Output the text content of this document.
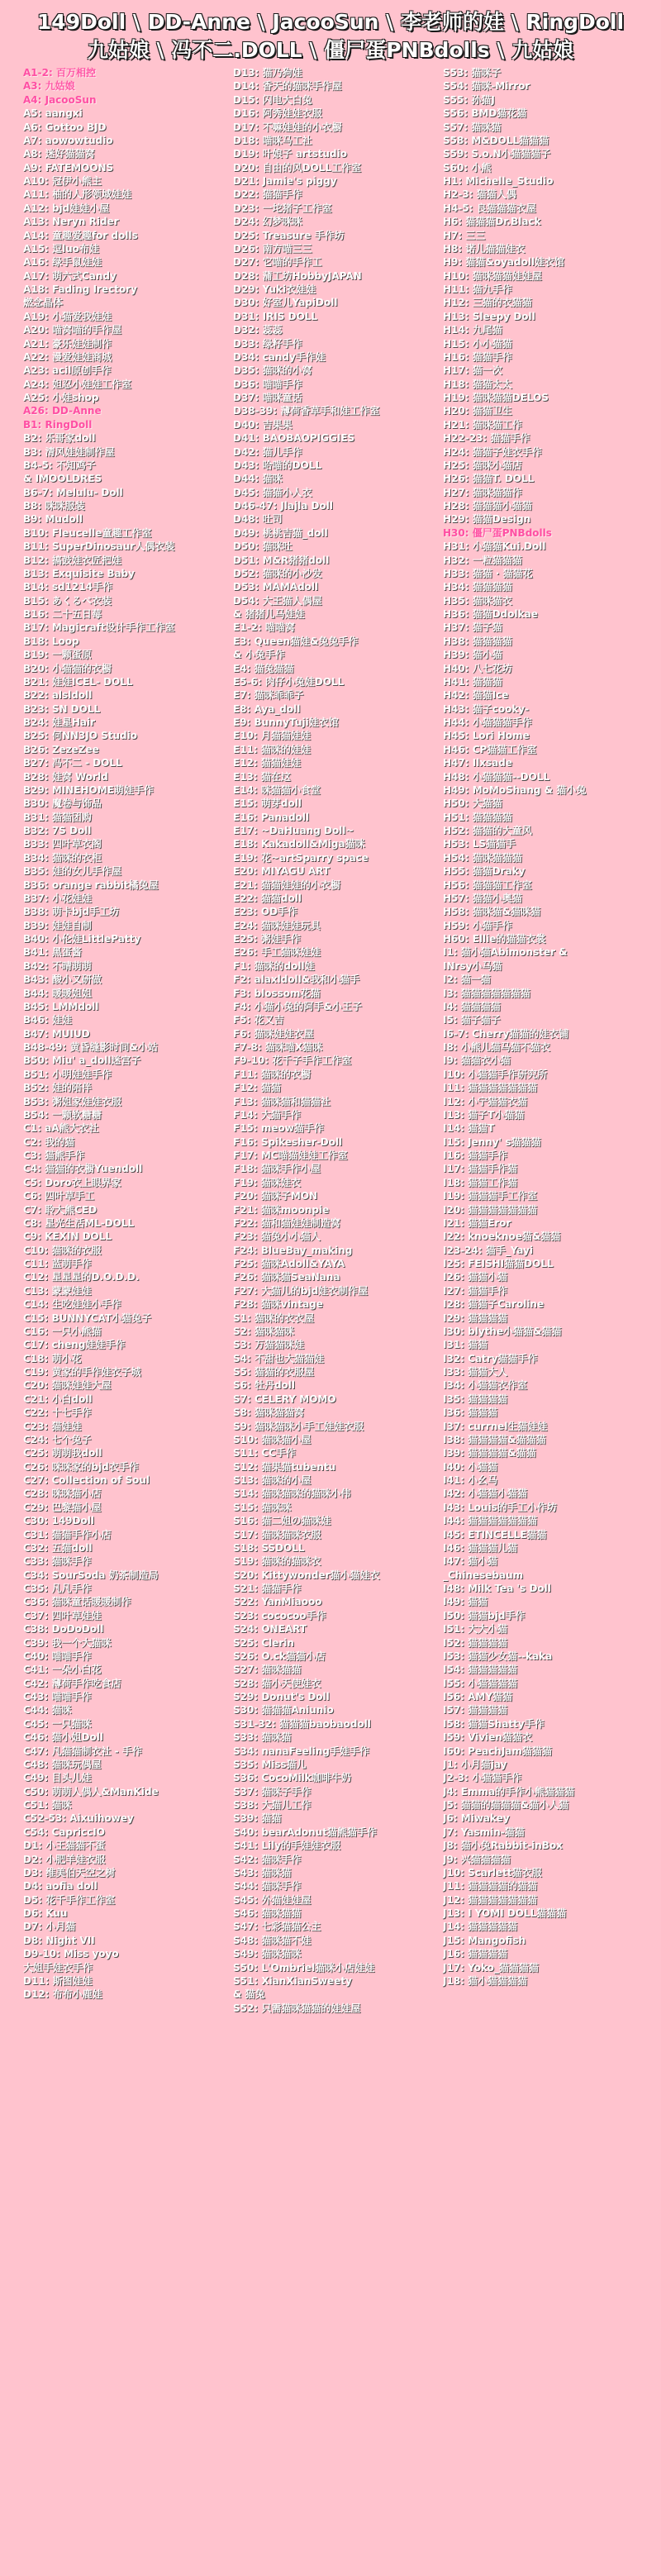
149Doll \ DD-Anne \ JacooSun \ 李老师的娃 \ RingDoll
九姑娘 \ 冯不二.DOLL \ 僵尸蛋PNBdolls \ 九姑娘
A1-2: 百万相控
A3: 九姑娘
A4: JacooSun
A5: aangxi
A6: Gottoo BJD
A7: aowowtudio
A8: 迷好猫猫窝
A9: FATEMOONS
A10: 冠伊小熊主
A11: 柚的人形领域娃娃
A12: bjd娃娃小屋
A13: Neryn Rider
A14: 童趣爱趣for dolls
A15: 逗luo布娃
A16: 绿手鼠娃娃
A17: 萌六式Candy
A18: Fading Irectory
燃念晶体
A19: 小猫爱我娃娃
A20: 喵窝喵的手作屋
A21: 豪乐娃娃制作
A22: 漫爱娃娃商城
A23: acil原创手作
A24: 妲忍小娃娃工作室
A25: 小娃shop
A26: DD-Anne
B1: RingDoll
B2: 乐哥家doll
B3: 清风娃娃制作屋
B4-5: 不知鸡子
& IMOOLDRES
B6-7: Melulu- Doll
B8: 咪咪服装
B9: Mudoll
B10: Fleucelle童趣工作室
B11: SuperDinosaur人偶衣装
B12: 搞鼓娃衣匠把娃
B13: Exquisite Baby
B14: sd1214手作
B15: あくるべ衣装
B16: 二十五日莓
B17: Magicraft设计手作工作室
B18: Loop
B19: 一颗蛋原
B20: 小猫猫的衣橱
B21: 娃娃ICEL- DOLL
B22: alsldoll
B23: SN DOLL
B24: 娃星Hair
B25: 何NN3JO Studio
B26: ZezeZee
B27: 冯不二 - DOLL
B28: 娃窝 World
B29: MINEHOME萌娃手作
B30: 魔卷与饰品
B31: 猫猫团购
B32: 7S Doll
B33: 四叶草衣阁
B34: 猫咪的衣柜
B35: 娃的女儿手作屋
B36: orange rabbit橘兔屋
B37: 小花娃娃
B38: 萌卡bjd手工坊
B39: 娃娃自制
B40: 小伦娃LittlePatty
B41: 黑蛋酱
B42: 不晴萌萌
B43: 酸小又研做
B44: 暖暖姐姐
B45: LMMdoll
B46: 娃娃
B47: MUIUD
B48-49: 黄昏缝影时间&小站
B50: Miu' a_doll迷宫子
B51: 小明娃娃手作
B52: 娃的陪伴
B53: 粥姐家娃娃衣服
B54: 一颗软糖糖
C1: aA熊大衣社
C2: 我的猫
C3: 猫熊手作
C4: 猫猫的衣橱Yuendoll
C5: Doro衣上眼界家
C6: 四叶草手工
C7: 聆大熊CED
C8: 星光生活ML-DOLL
C9: KEXIN DOLL
C10: 猫咪的衣服
C11: 蓝萌手作
C12: 星星星的D.O.D.D.
C13: 蒙蒙娃娃
C14: 生吃娃娃小手作
C15: BUNNYCAT小猫兔子
C16: 一只小熊猫
C17: cheng娃娃手作
C18: 萌小花
C19: 黄家的手作娃衣子城
C20: 猫咪娃娃大屋
C21: 小白doll
C22: 十七手作
C23: 猫娃娃
C24: 七个兔子
C25: 萌萌我doll
C26: 咪咪家的bjd衣手作
C27: Collection of Soul
C28: 咪咪猫小店
C29: 巴黎猫小屋
C30: 149Doll
C31: 猫猫手作小店
C32: 五猫doll
C33: 猫咪手作
C34: SourSoda 奶茶制造局
C35: 凡凡手作
C36: 猫咪童话暖暖制作
C37: 四叶草娃娃
C38: DoDoDoll
C39: 我一个大猫咪
C40: 喵喵手作
C41: 一朵小白花
C42: 薄荷手作吃食店
C43: 喵喵手作
C44: 猫咪
C45: 一只猫咪
C46: 猫小姐Doll
C47: 凡猫猫制衣社 - 手作
C48: 猫咪玩偶屋
C49: 目头儿娃
C50: 萌萌人偶人&ManKide
C51: 猫咪
C52-53: Aixuihowey
C54: CapriccIO
D1: 小王猫猫不蛋
D2: 小肥羊娃衣服
D3: 维美伯天空之树
D4: aofia doll
D5: 花千手作工作室
D6: Kuu
D7: 小月猫
D8: Night VII
D9-10: Miss yoyo
大姐手娃衣手作
D11: 斯图娃娃
D12: 布布小鹿娃
D13: 猫乃狗娃
D14: 香天的猫咪手作屋
D15: 闪电大白兔
D16: 阿秀娃娃衣服
D17: 不嘛娃娃的小衣橱
D18: 喵咪马工社
D19: 叶娘子 artstudio
D20: 自由的风DOLL工作室
D21: Jamie's piggy
D22: 猫猫手作
D23: 一坨猪子工作室
D24: 幻梦咪咪
D25: Treasure 手作坊
D26: 南方喵三三
D27: 它喵的手作工
D28: 蒲工坊HobbyJAPAN
D29: Yuki衣娃娃
D30: 好室儿YapiDoll
D31: IRIS DOLL
D32: 蕊蕊
D33: 绿籽手作
D34: candy手作娃
D35: 猫咪的小窝
D36: 喵喵手作
D37: 喵咪童话
D38-39: 薄荷香草手和娃工作室
D40: 吉果果
D41: BAOBAOPIGGIES
D42: 猫儿手作
D43: 哈喵的DOLL
D44: 猫咪
D45: 猫猫小人衣
D46-47: Jlajla Doll
D48: 吐司
D49: 桃桃吉猫_doll
D50: 猫咪吐
D51: M&R猪猪doll
D52: 猫咪的小沙发
D53: MAMAdoll
D54: 大王猫人偶屋
& 猪猪儿马娃娃
E1-2: 喵喵窝
E3: Queen猫娃&兔兔手作
& 小兔手作
E4: 猫兔猫猫
E5-6: 肉仔小兔娃DOLL
E7: 猫咪乖乖子
E8: Aya_doll
E9: BunnyTuji娃衣馆
E10: 月猫猫娃娃
E11: 猫咪的娃娃
E12: 猫猫娃娃
E13: 猫在这
E14: 咪猫猫小食堂
E15: 萌芽doll
E16: Panadoll
E17: ~DaHuang Doll~
E18: Kakadoll&Miga猫咪
E19: 花~artSparry space
E20: MIYAGU ART
E21: 猫猫娃娃的小衣橱
E22: 猫猫doll
E23: OD手作
E24: 猫咪娃娃玩具
E25: 粥娃手作
E26: 手工猫咪娃娃
F1: 猫咪的doll娃
F2: alaxldoll&我和小猫手
F3: blossom花猫
F4: 小猫小兔的阿手&小王子
F5: 花又吉
F6: 猫咪娃娃衣屋
F7-8: 猫咪喵X猫咪
F9-10: 花千子手作工作室
F11: 猫咪的衣橱
F12: 猫猫
F13: 猫咪猫和猫猫社
F14: 大猫手作
F15: meow猫手作
F16: Spikesher-Doll
F17: MC喵猫娃娃工作室
F18: 猫咪手作小屋
F19: 猫咪娃衣
F20: 猫咪子MON
F21: 猫咪moonpie
F22: 猫和猫娃娃制造窝
F23: 猫兔小小猫人
F24: BlueBay_making
F25: 猫咪Adoll&YAYA
F26: 猫咪猫SeaNana
F27: 大猫儿的bjd娃衣制作屋
F28: 猫咪vintage
S1: 猫咪的衣衣屋
S2: 猫咪猫咪
S3: 万猫猫咪娃
S4: 不甜也大猫猫娃
S5: 猫猫的衣服屋
S6: 牡丹doll
S7: CELERY MOMO
S8: 猫咪猫猫窝
S9: 猫咪猫咪小手工娃娃衣服
S10: 猫咪猫小屋
S11: CC手作
S12: 猫果猫tubentu
S13: 猫咪的小屋
S14: 猫咪猫咪的猫咪小伟
S15: 猫咪咪
S16: 猫二姐の猫咪娃
S17: 猫咪猫咪衣服
S18: SSDOLL
S19: 猫咪的猫咪衣
S20: Kittywonder猫小猫娃衣
S21: 猫猫手作
S22: YanMiaooo
S23: cococoo手作
S24: ONEART
S25: Clerin
S26: O.ck猫猫小店
S27: 猫咪猫猫
S28: 猫小天使娃衣
S29: Donut's Doll
S30: 猫猫猫Aniunio
S31-32: 猫猫猫baobaodoll
S33: 猫咪猫
S34: nanaFeeling手娃手作
S35: Miss猫儿
S36: CocoMilk咖啡牛奶
S37: 猫咪子手作
S38: 大猫儿工作
S39: 猫猫
S40: bearAdonut猫熊猫手作
S41: Lily的手娃娃衣服
S42: 猫咪手作
S43: 猫咪猫
S44: 猫咪手作
S45: 外猫娃娃屋
S46: 猫咪猫猫
S47: 七彩猫猫公主
S48: 猫咪猫不娃
S49: 猫咪猫咪
S50: L'Ombriel猫咪小店娃娃
S51: XianXianSweety
& 猫兔
S52: 只需猫咪猫猫的娃娃屋
S53: 猫咪子
S54: 猫咪-Mirror
S55: 孙猫J
S56: BMD猫花猫
S57: 猫咪猫
S58: M&DOLL猫猫猫
S59: S.o.N小猫猫猫子
S60: 小熊
H1: Michelle_Studio
H2-3: 猫猫人偶
H4-5: 良猫猫猫衣屋
H6: 猫猫猫Dr.Black
H7: 三三
H8: 诺儿猫猫娃衣
H9: 猫猫&oyadoll娃衣馆
H10: 猫咪猫猫娃娃屋
H11: 猫九手作
H12: 三猫的衣猫猫
H13: Sleepy Doll
H14: 九尾猫
H15: 小小猫猫
H16: 猫猫手作
H17: 猫一次
H18: 猫猫太太
H19: 猫咪猫猫DELOS
H20: 猫猫卫生
H21: 猫咪猫工作
H22-23: 猫猫手作
H24: 猫猫子娃衣手作
H25: 猫咪小猫店
H26: 猫猫T. DOLL
H27: 猫咪猫猫作
H28: 猫猫猫小猫猫
H29: 猫猫Design
H30: 僵尸蛋PNBdolls
H31: 小猫猫Kui.Doll
H32: 一粒猫猫猫
H33: 猫猫 · 猫猫花
H34: 猫猫猫猫
H35: 猫咪猫衣
H36: 猫猫Ddolkae
H37: 猫子猫
H38: 猫猫猫猫
H39: 猫小猫
H40: 八七花坊
H41: 猫猫猫
H42: 猫猫Ice
H43: 猫子cooky-
H44: 小猫猫猫手作
H45: Lori Home
H46: CP猫猫工作室
H47: Ilxsade
H48: 小猫猫猫--DOLL
H49: MoMoShang & 猫小兔
H50: 大猫猫
H51: 猫猫猫猫
H52: 猫猫的大童风
H53: LS猫猫手
H54: 猫咪猫猫猫
H55: 猫猫Draky
H56: 猫猫猫工作室
H57: 猫猫小奥猫
H58: 猫咪猫&猫咪猫
H59: 小猫手作
H60: Ellie的猫猫衣裳
I1: 猫小猫Abimonster &
INrsy小马猫
I2: 猫一猫
I3: 猫猫猫猫猫猫猫
I4: 猫猫猫猫
I5: 猫子猫子
I6-7: Cherry猫猫的娃衣铺
I8: 小熊儿猫马猫不猫衣
I9: 猫猫衣小猫
I10: 小猫猫手作研究所
I11: 猫猫猫猫猫猫猫
I12: 小宁猫猫衣猫
I13: 猫子T小猫猫
I14: 猫猫T
I15: Jenny' s猫猫猫
I16: 猫猫手作
I17: 猫猫手作猫
I18: 猫猫工作猫
I19: 猫猫猫手工作室
I20: 猫猫猫猫猫猫猫
I21: 猫猫Eror
I22: knoeknoe猫&猫猫
I23-24: 猫手_Yayi
I25: FEISHI猫猫DOLL
I26: 猫猫小猫
I27: 猫猫手作
I28: 猫猫子Caroline
I29: 猫猫猫猫
I30: blythe小猫猫&猫猫
I31: 猫猫
I32: Catry猫猫手作
I33: 猫猫大人
I34: 小猫猫衣作室
I35: 猫猫猫猫
I36: 猫猫猫
I37: currnel生猫娃娃
I38: 猫猫猫猫&猫猫猫
I39: 猫猫猫猫&猫猫
I40: 小猫猫
I41: 小幺马
I42: 小猫猫小猫猫
I43: Louis的手工小作坊
I44: 猫猫猫猫猫猫猫
I45: ETINCELLE猫猫
I46: 猫猫猫儿猫
I47: 猫小猫
_Chinesebaum
I48: Milk Tea 's Doll
I49: 猫猫
I50: 猫猫bjd手作
I51: 大大小猫
I52: 猫猫猫猫
I53: 猫猫少女猫--kaka
I54: 猫猫猫猫猫
I55: 小猫猫猫猫
I56: AMY猫猫
I57: 猫猫猫猫
I58: 猫猫Shatty手作
I59: Vivien猫猫衣
I60: PeachJam猫猫猫
J1: 小月猫jay
J2-3: 小猫猫手作
J4: Emma的手作小熊猫猫猫
J5: 猫猫的猫猫猫&猫小人猫
J6: Miwakey
J7: Yasmin-猫猫
J8: 猫小兔Rabbit-inBox
J9: 兴猫猫猫猫
J10: Scarlett猫衣服
J11: 猫猫猫猫的猫猫
J12: 猫猫猫猫猫猫猫
J13: I YOMI DOLL猫猫猫
J14: 猫猫猫猫猫
J15: Mangofish
J16: 猫猫猫猫
J17: Yoko_猫猫猫猫
J18: 猫小猫猫猫猫
